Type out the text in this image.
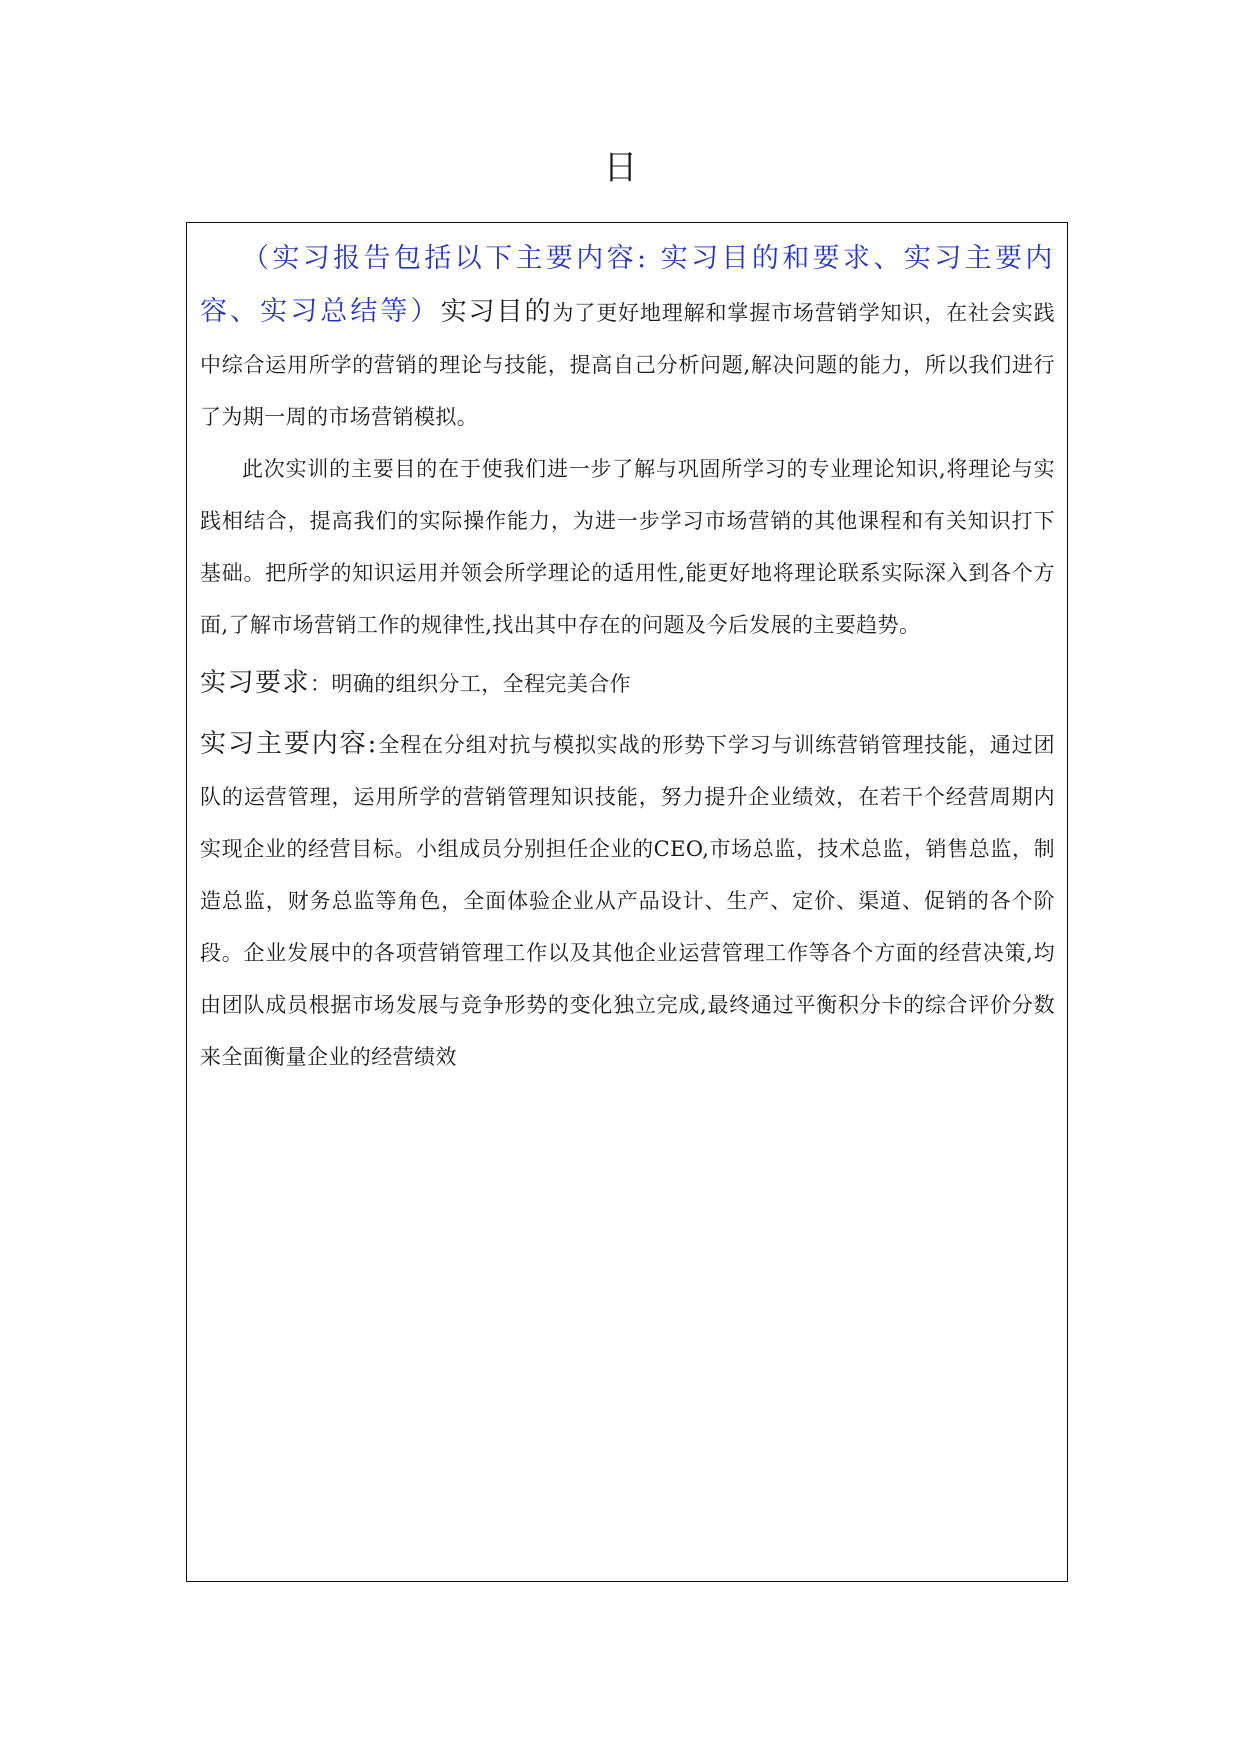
日

（实习报告包括以下主要内容: 实习目的和要求、实习主要内容、实习总结等）实习目的为了更好地理解和掌握市场营销学知识，在社会实践中综合运用所学的营销的理论与技能，提高自己分析问题,解决问题的能力，所以我们进行了为期一周的市场营销模拟。

此次实训的主要目的在于使我们进一步了解与巩固所学习的专业理论知识,将理论与实践相结合，提高我们的实际操作能力，为进一步学习市场营销的其他课程和有关知识打下基础。把所学的知识运用并领会所学理论的适用性,能更好地将理论联系实际深入到各个方面,了解市场营销工作的规律性,找出其中存在的问题及今后发展的主要趋势。

实习要求：明确的组织分工，全程完美合作

实习主要内容:全程在分组对抗与模拟实战的形势下学习与训练营销管理技能，通过团队的运营管理，运用所学的营销管理知识技能，努力提升企业绩效，在若干个经营周期内实现企业的经营目标。小组成员分别担任企业的CEO,市场总监，技术总监，销售总监，制造总监，财务总监等角色，全面体验企业从产品设计、生产、定价、渠道、促销的各个阶段。企业发展中的各项营销管理工作以及其他企业运营管理工作等各个方面的经营决策,均由团队成员根据市场发展与竞争形势的变化独立完成,最终通过平衡积分卡的综合评价分数来全面衡量企业的经营绩效
